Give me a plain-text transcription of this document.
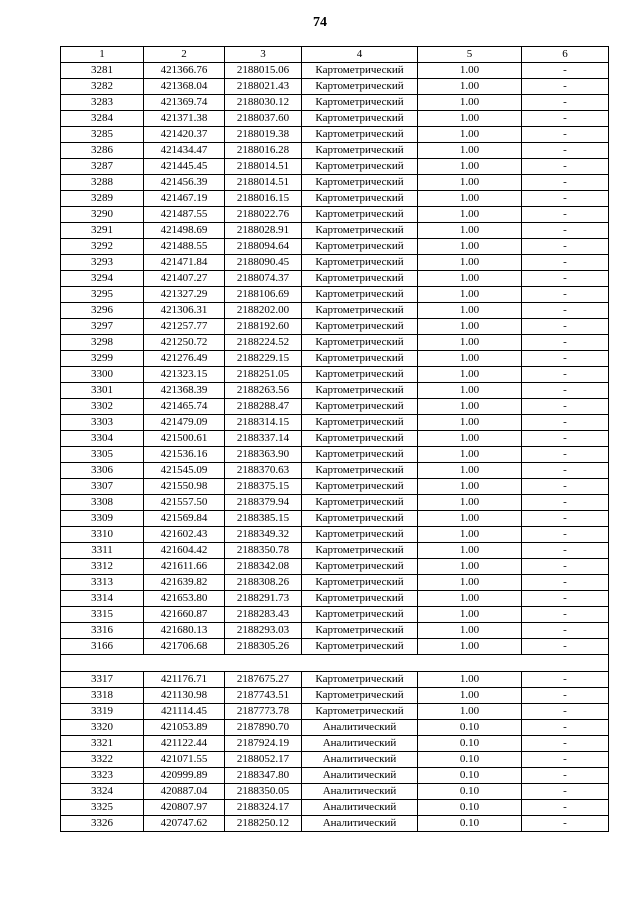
74
1	2	3	4	5	6
3281	421366.76	2188015.06	Картометрический	1.00	-
3282	421368.04	2188021.43	Картометрический	1.00	-
3283	421369.74	2188030.12	Картометрический	1.00	-
3284	421371.38	2188037.60	Картометрический	1.00	-
3285	421420.37	2188019.38	Картометрический	1.00	-
3286	421434.47	2188016.28	Картометрический	1.00	-
3287	421445.45	2188014.51	Картометрический	1.00	-
3288	421456.39	2188014.51	Картометрический	1.00	-
3289	421467.19	2188016.15	Картометрический	1.00	-
3290	421487.55	2188022.76	Картометрический	1.00	-
3291	421498.69	2188028.91	Картометрический	1.00	-
3292	421488.55	2188094.64	Картометрический	1.00	-
3293	421471.84	2188090.45	Картометрический	1.00	-
3294	421407.27	2188074.37	Картометрический	1.00	-
3295	421327.29	2188106.69	Картометрический	1.00	-
3296	421306.31	2188202.00	Картометрический	1.00	-
3297	421257.77	2188192.60	Картометрический	1.00	-
3298	421250.72	2188224.52	Картометрический	1.00	-
3299	421276.49	2188229.15	Картометрический	1.00	-
3300	421323.15	2188251.05	Картометрический	1.00	-
3301	421368.39	2188263.56	Картометрический	1.00	-
3302	421465.74	2188288.47	Картометрический	1.00	-
3303	421479.09	2188314.15	Картометрический	1.00	-
3304	421500.61	2188337.14	Картометрический	1.00	-
3305	421536.16	2188363.90	Картометрический	1.00	-
3306	421545.09	2188370.63	Картометрический	1.00	-
3307	421550.98	2188375.15	Картометрический	1.00	-
3308	421557.50	2188379.94	Картометрический	1.00	-
3309	421569.84	2188385.15	Картометрический	1.00	-
3310	421602.43	2188349.32	Картометрический	1.00	-
3311	421604.42	2188350.78	Картометрический	1.00	-
3312	421611.66	2188342.08	Картометрический	1.00	-
3313	421639.82	2188308.26	Картометрический	1.00	-
3314	421653.80	2188291.73	Картометрический	1.00	-
3315	421660.87	2188283.43	Картометрический	1.00	-
3316	421680.13	2188293.03	Картометрический	1.00	-
3166	421706.68	2188305.26	Картометрический	1.00	-

3317	421176.71	2187675.27	Картометрический	1.00	-
3318	421130.98	2187743.51	Картометрический	1.00	-
3319	421114.45	2187773.78	Картометрический	1.00	-
3320	421053.89	2187890.70	Аналитический	0.10	-
3321	421122.44	2187924.19	Аналитический	0.10	-
3322	421071.55	2188052.17	Аналитический	0.10	-
3323	420999.89	2188347.80	Аналитический	0.10	-
3324	420887.04	2188350.05	Аналитический	0.10	-
3325	420807.97	2188324.17	Аналитический	0.10	-
3326	420747.62	2188250.12	Аналитический	0.10	-
